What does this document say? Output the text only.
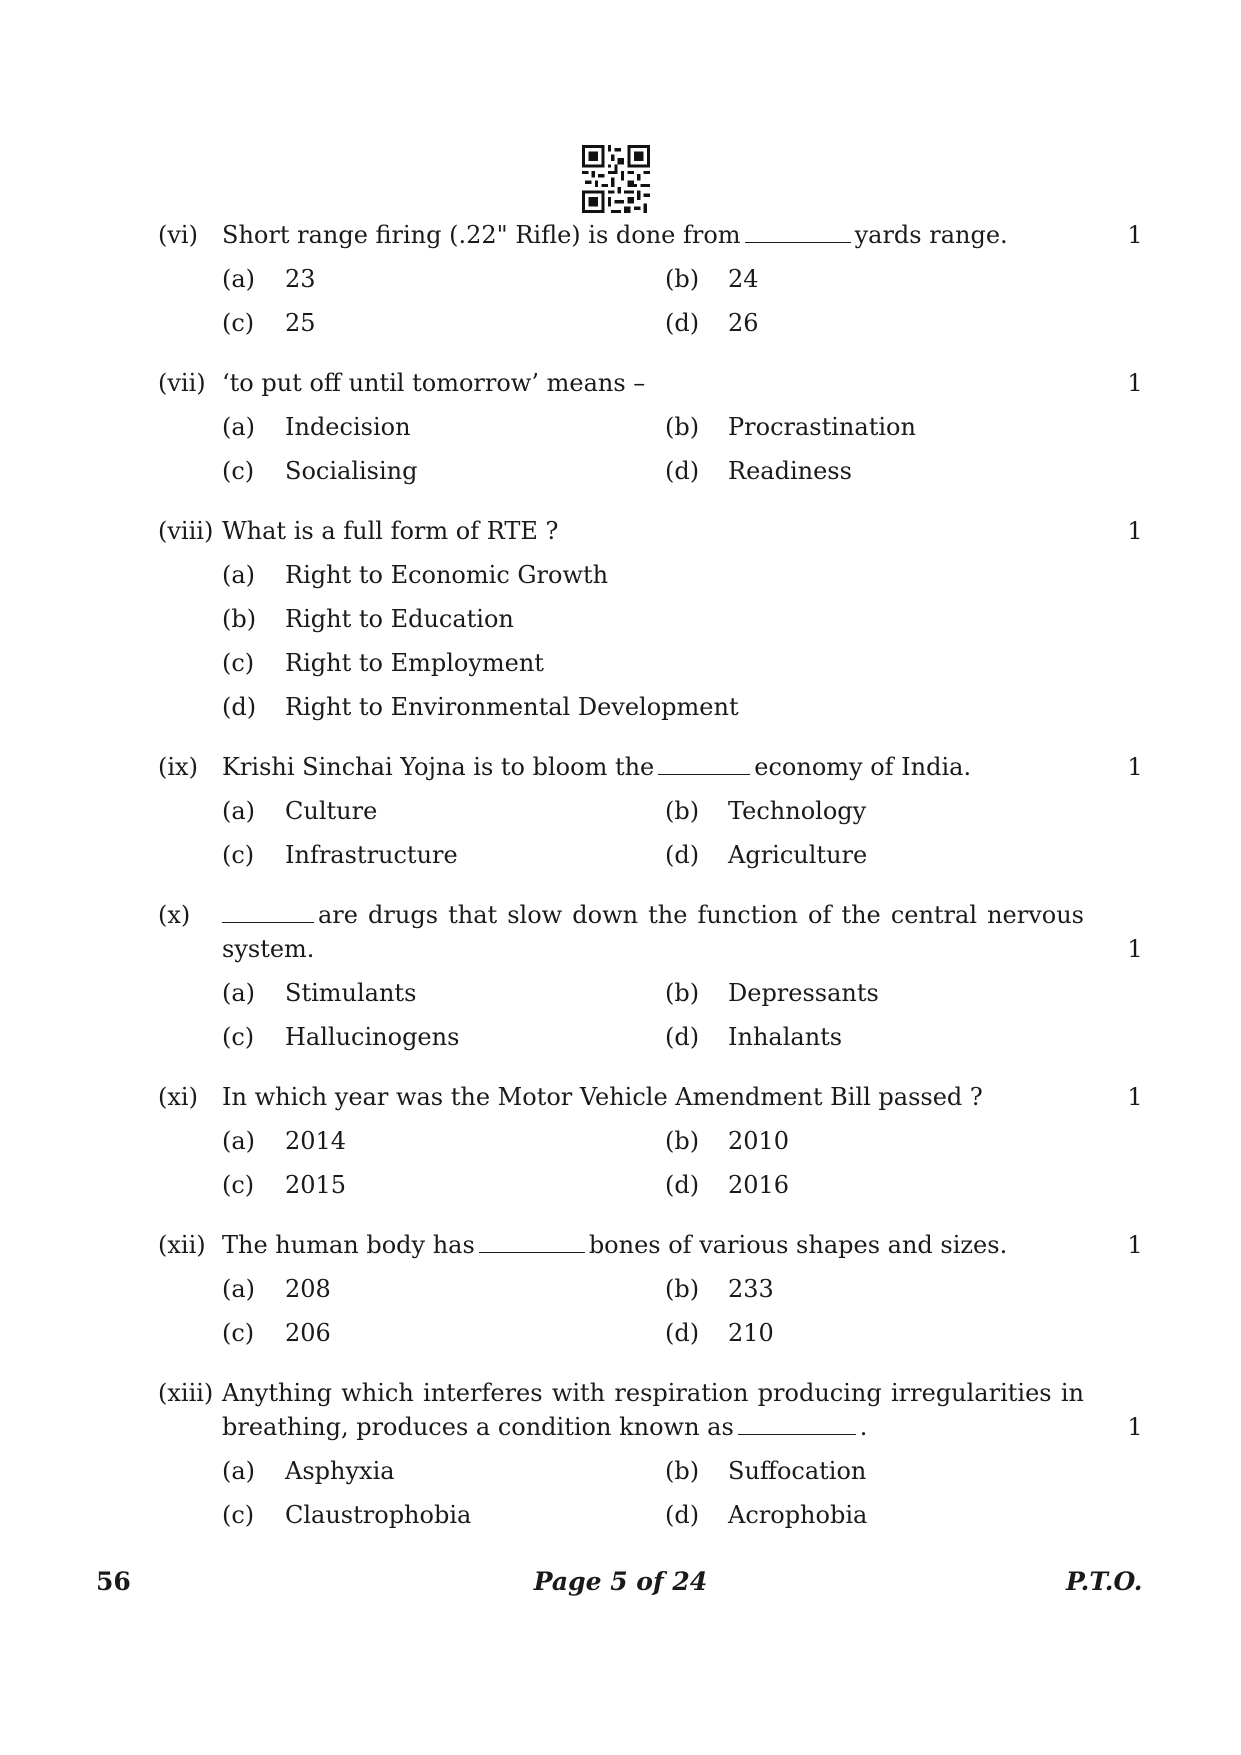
(vi) Short range firing (.22" Rifle) is done from	yards range.	1
(a) 23	(b) 24
(c) 25	(d) 26
(vii) ‘to put off until tomorrow’ means –	1
(a) Indecision	(b) Procrastination
(c) Socialising	(d) Readiness
(viii) What is a full form of RTE ?	1
(a) Right to Economic Growth
(b) Right to Education
(c) Right to Employment
(d) Right to Environmental Development
(ix) Krishi Sinchai Yojna is to bloom the	economy of India.	1
(a) Culture	(b) Technology
(c) Infrastructure	(d) Agriculture
(x)	are drugs that slow down the function of the central nervous system.	1
(a) Stimulants	(b) Depressants
(c) Hallucinogens	(d) Inhalants
(xi) In which year was the Motor Vehicle Amendment Bill passed ?	1
(a) 2014	(b) 2010
(c) 2015	(d) 2016
(xii) The human body has	bones of various shapes and sizes.	1
(a) 208	(b) 233
(c) 206	(d) 210
(xiii) Anything which interferes with respiration producing irregularities in breathing, produces a condition known as	.	1
(a) Asphyxia	(b) Suffocation
(c) Claustrophobia	(d) Acrophobia
56	Page 5 of 24	P.T.O.
